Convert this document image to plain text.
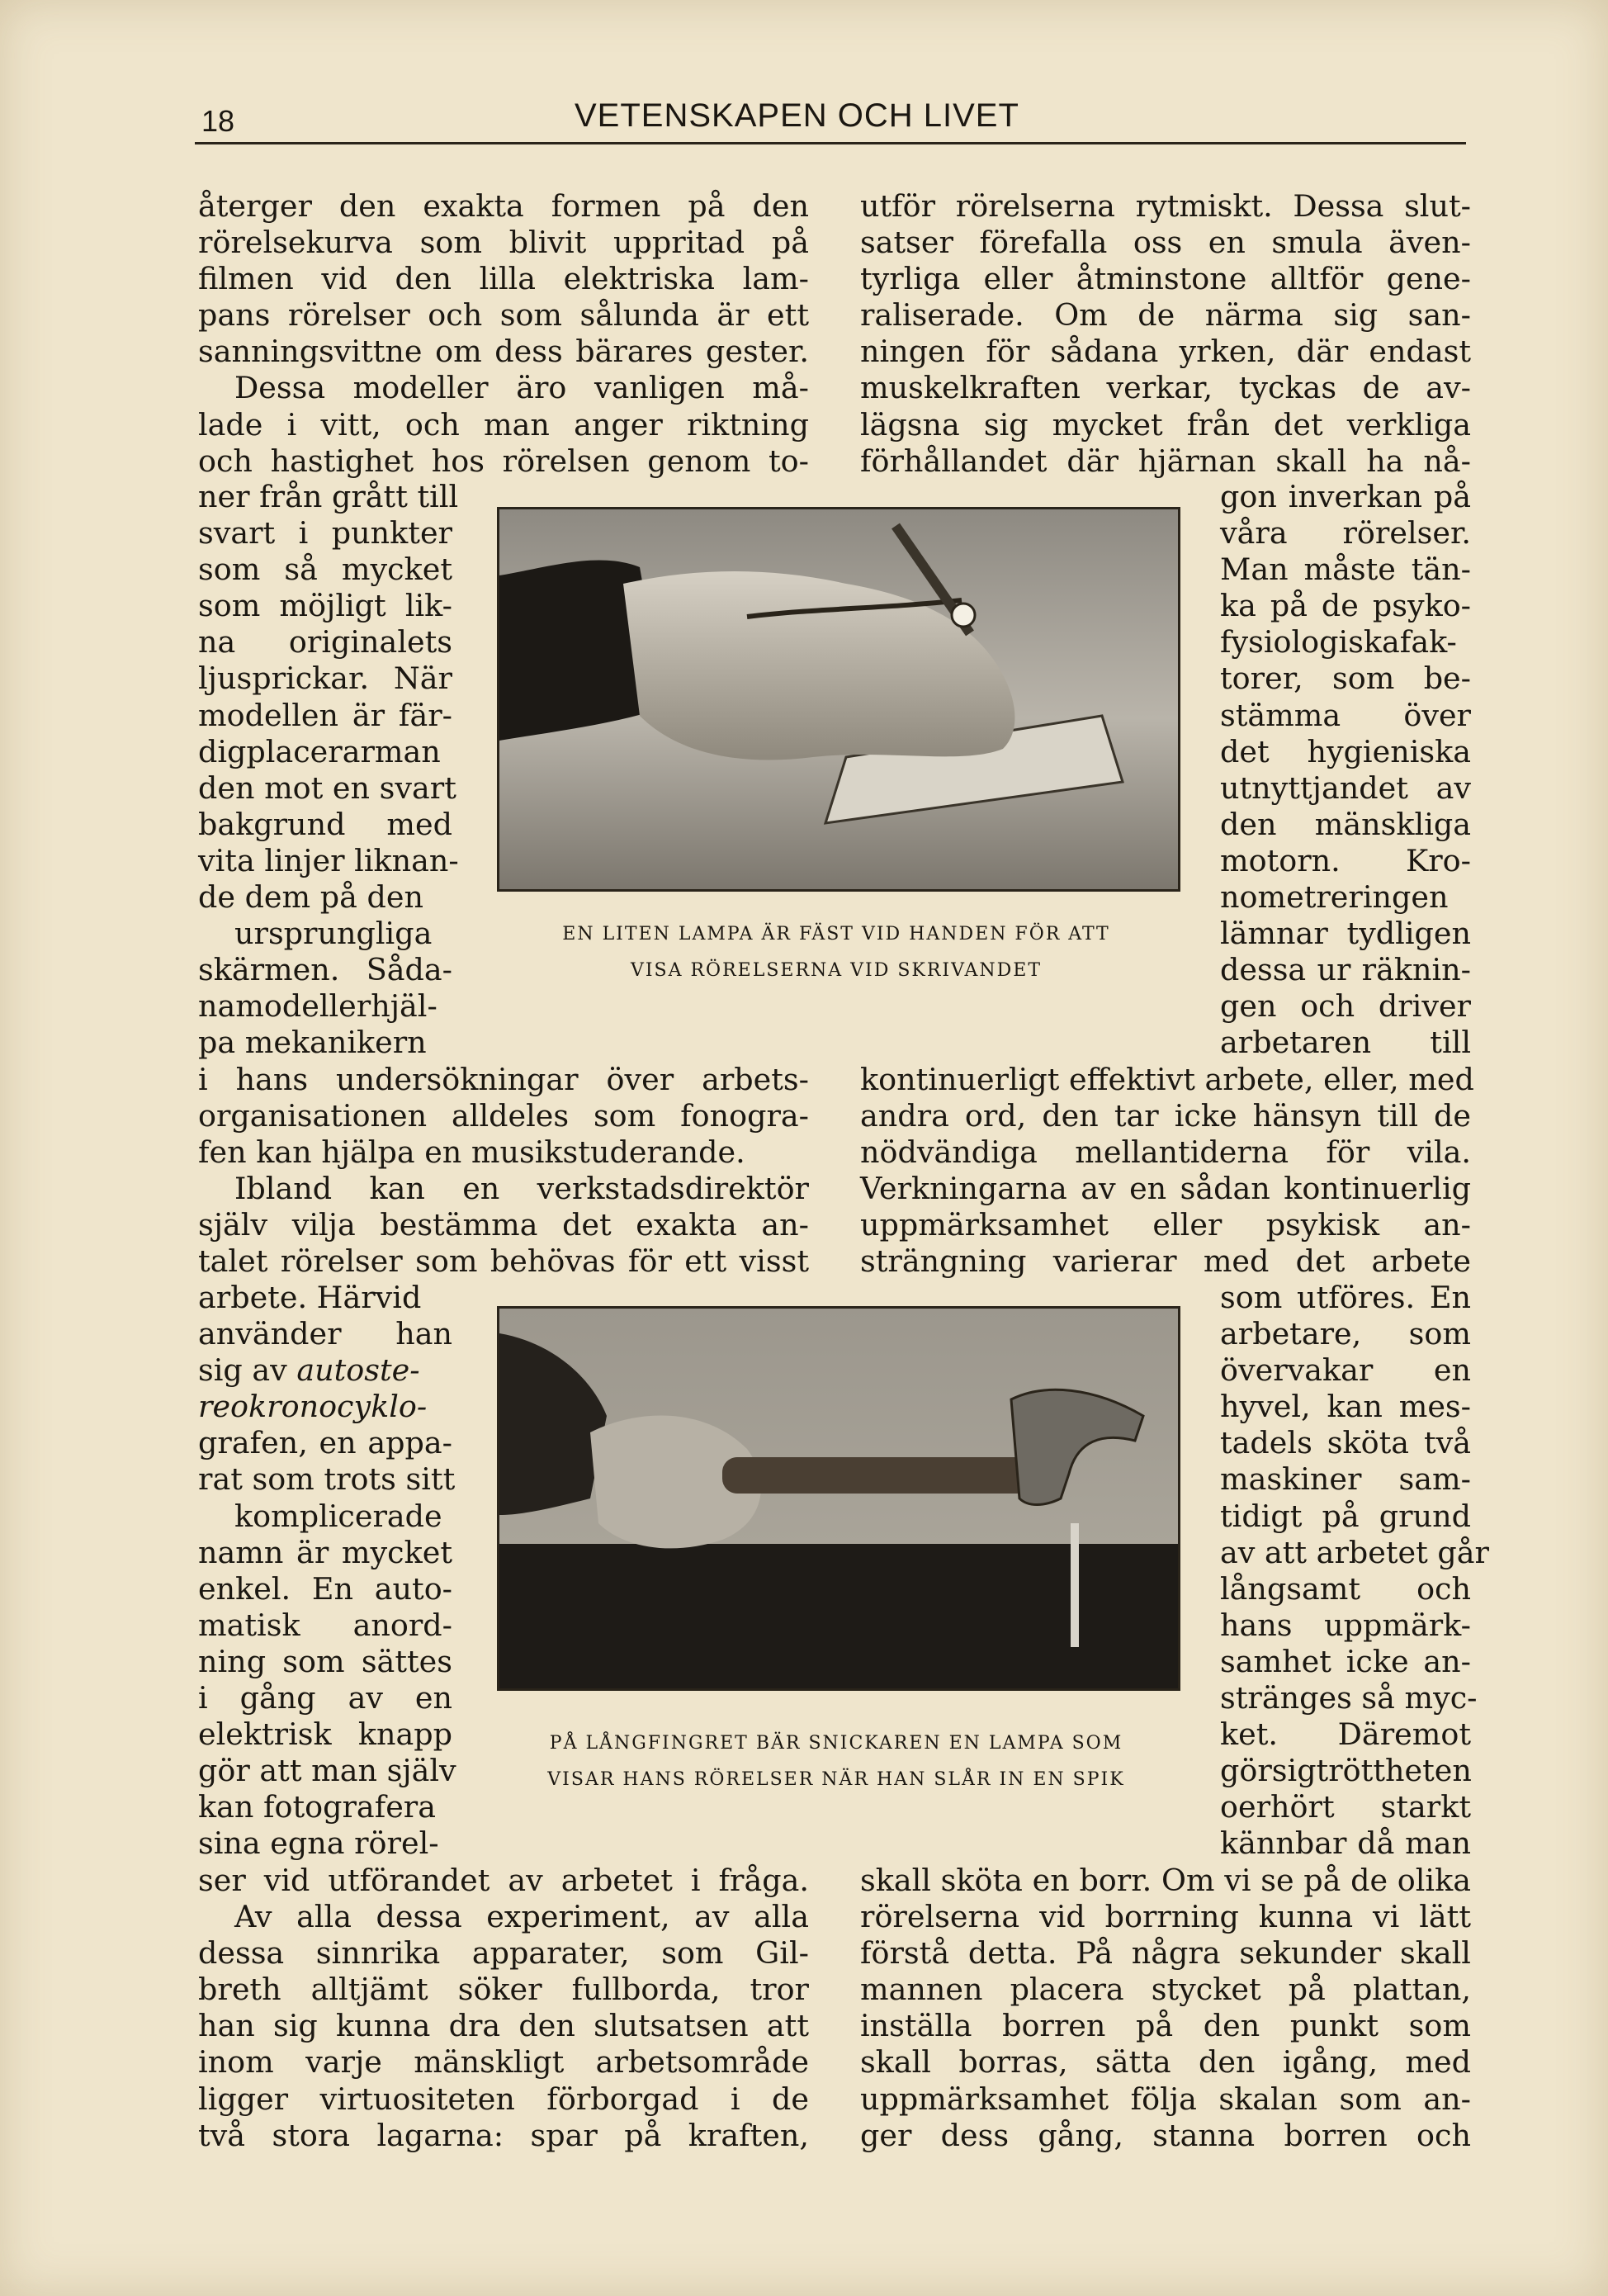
18	VETENSKAPEN OCH LIVET
återger den exakta formen på den
rörelsekurva som blivit uppritad på
filmen vid den lilla elektriska lam-
pans rörelser och som sålunda är ett
sanningsvittne om dess bärares gester.
Dessa modeller äro vanligen må-
lade i vitt, och man anger riktning
och hastighet hos rörelsen genom to-
ner från grått till
svart i punkter
som så mycket
som möjligt lik-
na originalets
ljusprickar. När
modellen är fär-
digplacerarman
den mot en svart
bakgrund med
vita linjer liknan-
de dem på den
ursprungliga
skärmen. Såda-
namodellerhjäl-
pa mekanikern
i hans undersökningar över arbets-
organisationen alldeles som fonogra-
fen kan hjälpa en musikstuderande.
Ibland kan en verkstadsdirektör
själv vilja bestämma det exakta an-
talet rörelser som behövas för ett visst
arbete. Härvid
använder han
sig av autoste-
reokronocyklo-
grafen, en appa-
rat som trots sitt
komplicerade
namn är mycket
enkel. En auto-
matisk anord-
ning som sättes
i gång av en
elektrisk knapp
gör att man själv
kan fotografera
sina egna rörel-
ser vid utförandet av arbetet i fråga.
Av alla dessa experiment, av alla
dessa sinnrika apparater, som Gil-
breth alltjämt söker fullborda, tror
han sig kunna dra den slutsatsen att
inom varje mänskligt arbetsområde
ligger virtuositeten förborgad i de
två stora lagarna: spar på kraften,
utför rörelserna rytmiskt. Dessa slut-
satser förefalla oss en smula även-
tyrliga eller åtminstone alltför gene-
raliserade. Om de närma sig san-
ningen för sådana yrken, där endast
muskelkraften verkar, tyckas de av-
lägsna sig mycket från det verkliga
förhållandet där hjärnan skall ha nå-
gon inverkan på
våra rörelser.
Man måste tän-
ka på de psyko-
fysiologiskafak-
torer, som be-
stämma över
det hygieniska
utnyttjandet av
den mänskliga
motorn. Kro-
nometreringen
lämnar tydligen
dessa ur räknin-
gen och driver
arbetaren till
kontinuerligt effektivt arbete, eller, med
andra ord, den tar icke hänsyn till de
nödvändiga mellantiderna för vila.
Verkningarna av en sådan kontinuerlig
uppmärksamhet eller psykisk an-
strängning varierar med det arbete
som utföres. En
arbetare, som
övervakar en
hyvel, kan mes-
tadels sköta två
maskiner sam-
tidigt på grund
av att arbetet går
långsamt och
hans uppmärk-
samhet icke an-
stränges så myc-
ket. Däremot
görsigtröttheten
oerhört starkt
kännbar då man
skall sköta en borr. Om vi se på de olika
rörelserna vid borrning kunna vi lätt
förstå detta. På några sekunder skall
mannen placera stycket på plattan,
inställa borren på den punkt som
skall borras, sätta den igång, med
uppmärksamhet följa skalan som an-
ger dess gång, stanna borren och
EN LITEN LAMPA ÄR FÄST VID HANDEN FÖR ATT
VISA RÖRELSERNA VID SKRIVANDET
PÅ LÅNGFINGRET BÄR SNICKAREN EN LAMPA SOM
VISAR HANS RÖRELSER NÄR HAN SLÅR IN EN SPIK
